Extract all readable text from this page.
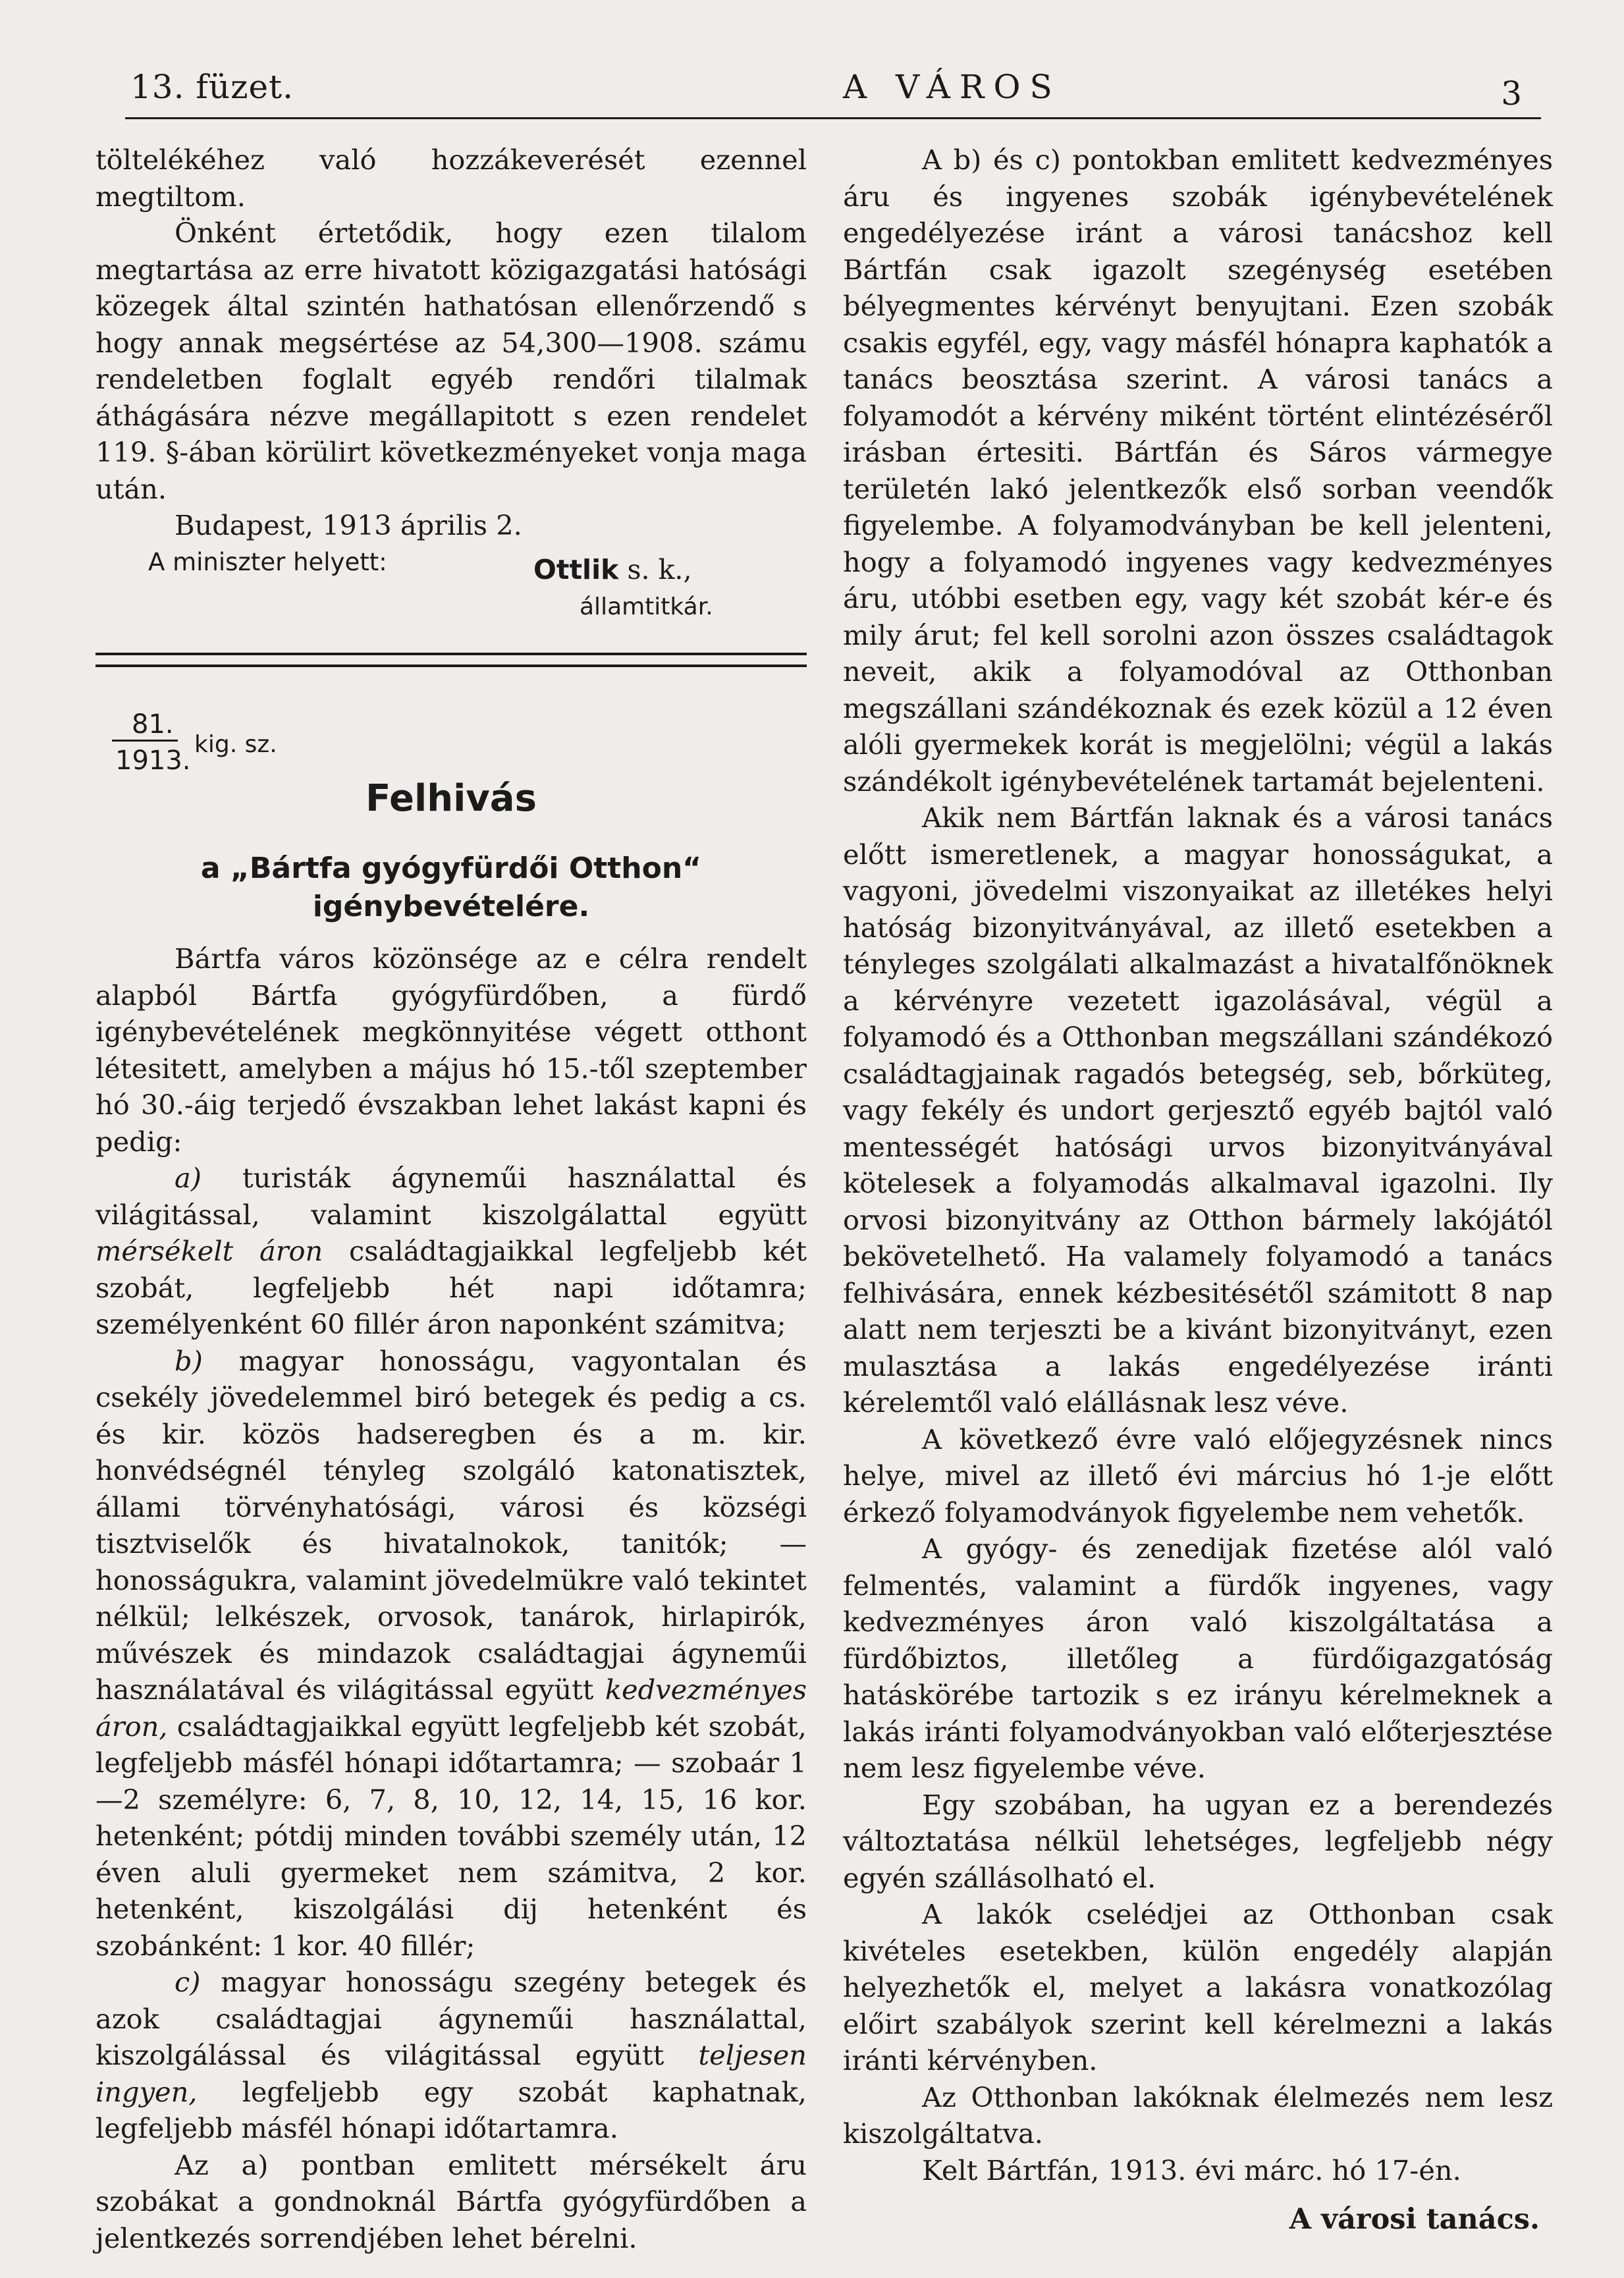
13. füzet.	A VÁROS	3

töltelékéhez való hozzákeverését ezennel megtiltom.

Önként értetődik, hogy ezen tilalom megtartása az erre hivatott közigazgatási hatósági közegek által szintén hathatósan ellenőrzendő s hogy annak megsértése az 54,300—1908. számu rendeletben foglalt egyéb rendőri tilalmak áthágására nézve megállapitott s ezen rendelet 119. §-ában körülirt következményeket vonja maga után.

Budapest, 1913 április 2.

A miniszter helyett:	Ottlik s. k.,
államtitkár.
81.
1913.
kig. sz.
Felhivás
a „Bártfa gyógyfürdői Otthon“ igénybevételére.

Bártfa város közönsége az e célra rendelt alapból Bártfa gyógyfürdőben, a fürdő igénybevételének megkönnyitése végett otthont létesitett, amelyben a május hó 15.-től szeptember hó 30.-áig terjedő évszakban lehet lakást kapni és pedig:

a) turisták ágyneműi használattal és világitással, valamint kiszolgálattal együtt mérsékelt áron családtagjaikkal legfeljebb két szobát, legfeljebb hét napi időtamra; személyenként 60 fillér áron naponként számitva;

b) magyar honosságu, vagyontalan és csekély jövedelemmel biró betegek és pedig a cs. és kir. közös hadseregben és a m. kir. honvédségnél tényleg szolgáló katonatisztek, állami törvényhatósági, városi és községi tisztviselők és hivatalnokok, tanitók; — honosságukra, valamint jövedelmükre való tekintet nélkül; lelkészek, orvosok, tanárok, hirlapirók, művészek és mindazok családtagjai ágyneműi használatával és világitással együtt kedvezményes áron, családtagjaikkal együtt legfeljebb két szobát, legfeljebb másfél hónapi időtartamra; — szobaár 1—2 személyre: 6, 7, 8, 10, 12, 14, 15, 16 kor. hetenként; pótdij minden további személy után, 12 éven aluli gyermeket nem számitva, 2 kor. hetenként, kiszolgálási dij hetenként és szobánként: 1 kor. 40 fillér;

c) magyar honosságu szegény betegek és azok családtagjai ágyneműi használattal, kiszolgálással és világitással együtt teljesen ingyen, legfeljebb egy szobát kaphatnak, legfeljebb másfél hónapi időtartamra.

Az a) pontban emlitett mérsékelt áru szobákat a gondnoknál Bártfa gyógyfürdőben a jelentkezés sorrendjében lehet bérelni.

A b) és c) pontokban emlitett kedvezményes áru és ingyenes szobák igénybevételének engedélyezése iránt a városi tanácshoz kell Bártfán csak igazolt szegénység esetében bélyegmentes kérvényt benyujtani. Ezen szobák csakis egyfél, egy, vagy másfél hónapra kaphatók a tanács beosztása szerint. A városi tanács a folyamodót a kérvény miként történt elintézéséről irásban értesiti. Bártfán és Sáros vármegye területén lakó jelentkezők első sorban veendők figyelembe. A folyamodványban be kell jelenteni, hogy a folyamodó ingyenes vagy kedvezményes áru, utóbbi esetben egy, vagy két szobát kér-e és mily árut; fel kell sorolni azon összes családtagok neveit, akik a folyamodóval az Otthonban megszállani szándékoznak és ezek közül a 12 éven alóli gyermekek korát is megjelölni; végül a lakás szándékolt igénybevételének tartamát bejelenteni.

Akik nem Bártfán laknak és a városi tanács előtt ismeretlenek, a magyar honosságukat, a vagyoni, jövedelmi viszonyaikat az illetékes helyi hatóság bizonyitványával, az illető esetekben a tényleges szolgálati alkalmazást a hivatalfőnöknek a kérvényre vezetett igazolásával, végül a folyamodó és a Otthonban megszállani szándékozó családtagjainak ragadós betegség, seb, bőrküteg, vagy fekély és undort gerjesztő egyéb bajtól való mentességét hatósági urvos bizonyitványával kötelesek a folyamodás alkalmaval igazolni. Ily orvosi bizonyitvány az Otthon bármely lakójától bekövetelhető. Ha valamely folyamodó a tanács felhivására, ennek kézbesitésétől számitott 8 nap alatt nem terjeszti be a kivánt bizonyitványt, ezen mulasztása a lakás engedélyezése iránti kérelemtől való elállásnak lesz véve.

A következő évre való előjegyzésnek nincs helye, mivel az illető évi március hó 1-je előtt érkező folyamodványok figyelembe nem vehetők.

A gyógy- és zenedijak fizetése alól való felmentés, valamint a fürdők ingyenes, vagy kedvezményes áron való kiszolgáltatása a fürdőbiztos, illetőleg a fürdőigazgatóság hatáskörébe tartozik s ez irányu kérelmeknek a lakás iránti folyamodványokban való előterjesztése nem lesz figyelembe véve.

Egy szobában, ha ugyan ez a berendezés változtatása nélkül lehetséges, legfeljebb négy egyén szállásolható el.

A lakók cselédjei az Otthonban csak kivételes esetekben, külön engedély alapján helyezhetők el, melyet a lakásra vonatkozólag előirt szabályok szerint kell kérelmezni a lakás iránti kérvényben.

Az Otthonban lakóknak élelmezés nem lesz kiszolgáltatva.

Kelt Bártfán, 1913. évi márc. hó 17-én.

A városi tanács.
